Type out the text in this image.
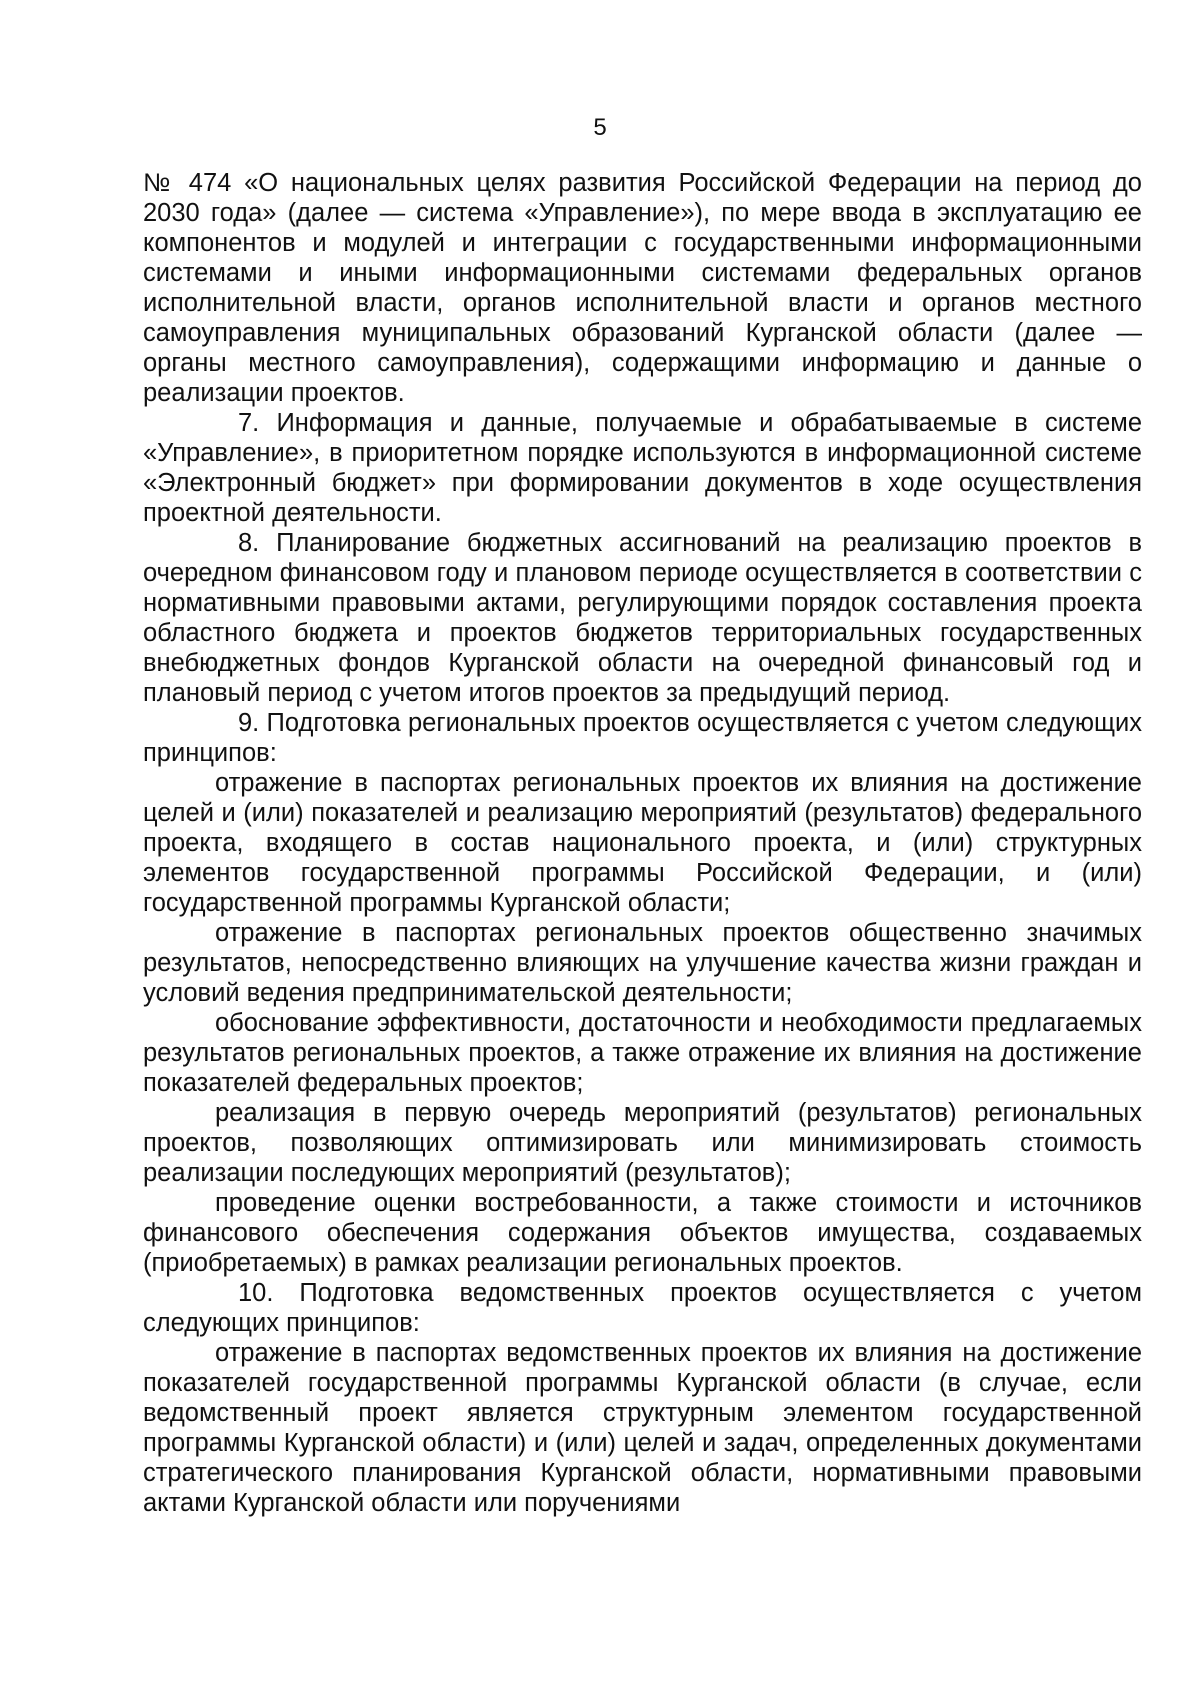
5

№ 474 «О национальных целях развития Российской Федерации на период до 2030 года» (далее — система «Управление»), по мере ввода в эксплуатацию ее компонентов и модулей и интеграции с государственными информационными системами и иными информационными системами федеральных органов исполнительной власти, органов исполнительной власти и органов местного самоуправления муниципальных образований Курганской области (далее — органы местного самоуправления), содержащими информацию и данные о реализации проектов.

7. Информация и данные, получаемые и обрабатываемые в системе «Управление», в приоритетном порядке используются в информационной системе «Электронный бюджет» при формировании документов в ходе осуществления проектной деятельности.

8. Планирование бюджетных ассигнований на реализацию проектов в очередном финансовом году и плановом периоде осуществляется в соответствии с нормативными правовыми актами, регулирующими порядок составления проекта областного бюджета и проектов бюджетов территориальных государственных внебюджетных фондов Курганской области на очередной финансовый год и плановый период с учетом итогов проектов за предыдущий период.

9. Подготовка региональных проектов осуществляется с учетом следующих принципов:

отражение в паспортах региональных проектов их влияния на достижение целей и (или) показателей и реализацию мероприятий (результатов) федерального проекта, входящего в состав национального проекта, и (или) структурных элементов государственной программы Российской Федерации, и (или) государственной программы Курганской области;

отражение в паспортах региональных проектов общественно значимых результатов, непосредственно влияющих на улучшение качества жизни граждан и условий ведения предпринимательской деятельности;

обоснование эффективности, достаточности и необходимости предлагаемых результатов региональных проектов, а также отражение их влияния на достижение показателей федеральных проектов;

реализация в первую очередь мероприятий (результатов) региональных проектов, позволяющих оптимизировать или минимизировать стоимость реализации последующих мероприятий (результатов);

проведение оценки востребованности, а также стоимости и источников финансового обеспечения содержания объектов имущества, создаваемых (приобретаемых) в рамках реализации региональных проектов.

10. Подготовка ведомственных проектов осуществляется с учетом следующих принципов:

отражение в паспортах ведомственных проектов их влияния на достижение показателей государственной программы Курганской области (в случае, если ведомственный проект является структурным элементом государственной программы Курганской области) и (или) целей и задач, определенных документами стратегического планирования Курганской области, нормативными правовыми актами Курганской области или поручениями
